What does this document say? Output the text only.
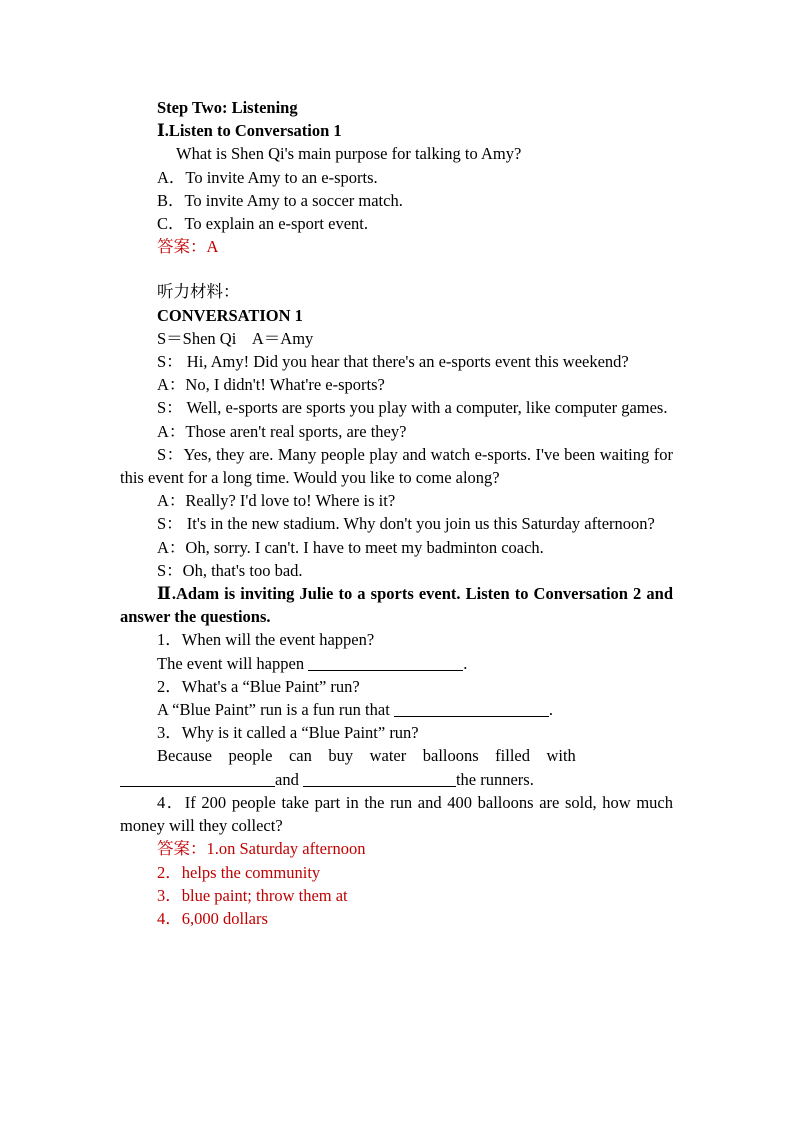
Step Two: Listening

Ⅰ.Listen to Conversation 1

What is Shen Qi's main purpose for talking to Amy?

A．To invite Amy to an e-sports.

B．To invite Amy to a soccer match.

C．To explain an e-sport event.

答案：A

听力材料：

CONVERSATION 1

S＝Shen Qi    A＝Amy

S： Hi, Amy! Did you hear that there's an e-sports event this weekend?

A：No, I didn't! What're e-sports?

S： Well, e-sports are sports you play with a computer, like computer games.

A：Those aren't real sports, are they?

S：Yes, they are. Many people play and watch e-sports. I've been waiting for this event for a long time. Would you like to come along?

A：Really? I'd love to! Where is it?

S： It's in the new stadium. Why don't you join us this Saturday afternoon?

A：Oh, sorry. I can't. I have to meet my badminton coach.

S：Oh, that's too bad.

Ⅱ.Adam is inviting Julie to a sports event. Listen to Conversation 2 and answer the questions.

1．When will the event happen?

The event will happen	.

2．What's a “Blue Paint” run?

A “Blue Paint” run is a fun run that	.

3．Why is it called a “Blue Paint” run?

Because    people    can    buy    water    balloons    filled    with

and	the runners.

4．If 200 people take part in the run and 400 balloons are sold, how much money will they collect?

答案：1.on Saturday afternoon

2．helps the community

3．blue paint; throw them at

4．6,000 dollars
